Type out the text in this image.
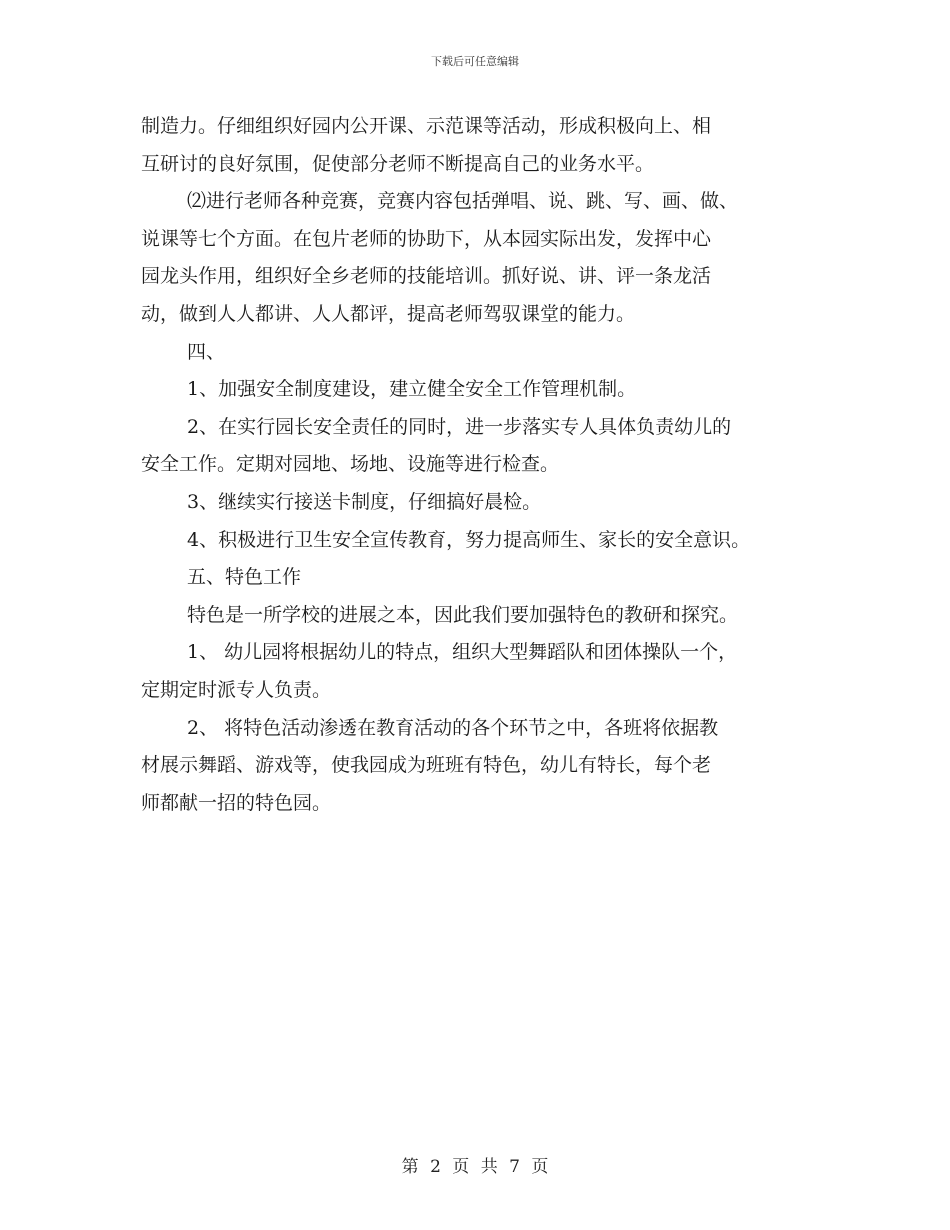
下载后可任意编辑
制造力。仔细组织好园内公开课、示范课等活动，形成积极向上、相
互研讨的良好氛围，促使部分老师不断提高自己的业务水平。
⑵进行老师各种竞赛，竞赛内容包括弹唱、说、跳、写、画、做、
说课等七个方面。在包片老师的协助下，从本园实际出发，发挥中心
园龙头作用，组织好全乡老师的技能培训。抓好说、讲、评一条龙活
动，做到人人都讲、人人都评，提高老师驾驭课堂的能力。
四、
1、加强安全制度建设，建立健全安全工作管理机制。
2、在实行园长安全责任的同时，进一步落实专人具体负责幼儿的
安全工作。定期对园地、场地、设施等进行检查。
3、继续实行接送卡制度，仔细搞好晨检。
4、积极进行卫生安全宣传教育，努力提高师生、家长的安全意识。
五、特色工作
特色是一所学校的进展之本，因此我们要加强特色的教研和探究。
1、 幼儿园将根据幼儿的特点，组织大型舞蹈队和团体操队一个，
定期定时派专人负责。
2、 将特色活动渗透在教育活动的各个环节之中，各班将依据教
材展示舞蹈、游戏等，使我园成为班班有特色，幼儿有特长，每个老
师都献一招的特色园。
第 2 页 共 7 页
